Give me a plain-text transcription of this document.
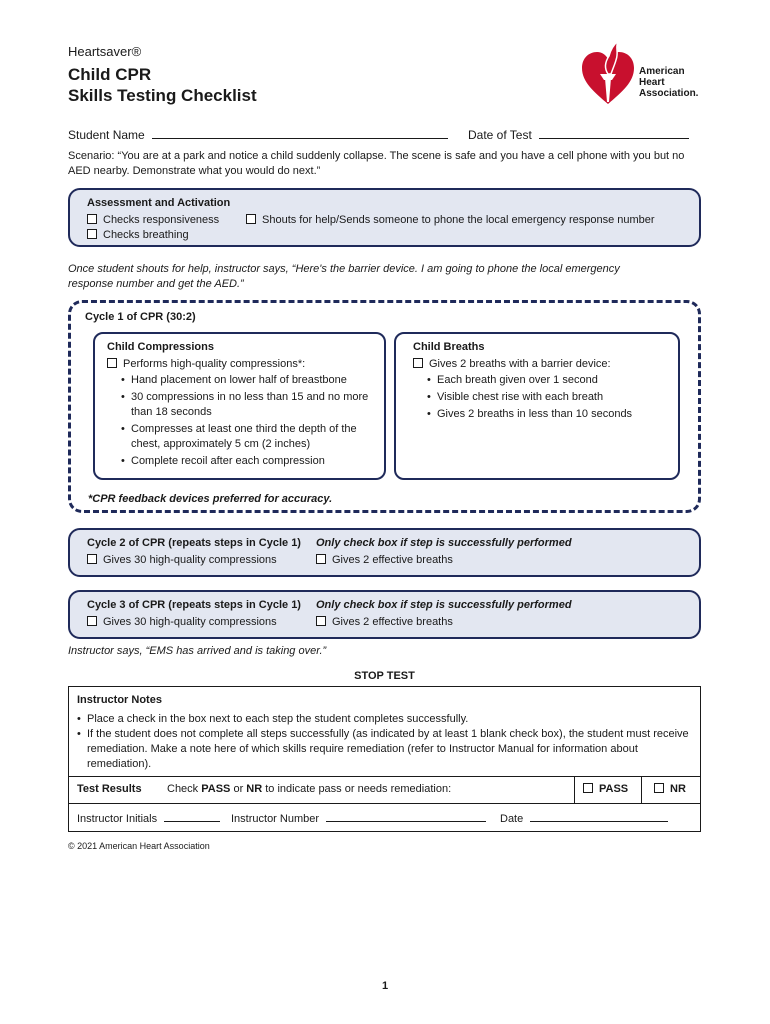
Heartsaver®
Child CPR
Skills Testing Checklist
American
Heart
Association.
Student Name	Date of Test
Scenario: “You are at a park and notice a child suddenly collapse. The scene is safe and you have a cell phone with you but no AED nearby. Demonstrate what you would do next.”
Assessment and Activation
Checks responsiveness	Shouts for help/Sends someone to phone the local emergency response number
Checks breathing
Once student shouts for help, instructor says, “Here's the barrier device. I am going to phone the local emergency response number and get the AED.”
Cycle 1 of CPR (30:2)
Child Compressions
Performs high-quality compressions*:
• Hand placement on lower half of breastbone
• 30 compressions in no less than 15 and no more than 18 seconds
• Compresses at least one third the depth of the chest, approximately 5 cm (2 inches)
• Complete recoil after each compression
Child Breaths
Gives 2 breaths with a barrier device:
• Each breath given over 1 second
• Visible chest rise with each breath
• Gives 2 breaths in less than 10 seconds
*CPR feedback devices preferred for accuracy.
Cycle 2 of CPR (repeats steps in Cycle 1) Only check box if step is successfully performed
Gives 30 high-quality compressions	Gives 2 effective breaths
Cycle 3 of CPR (repeats steps in Cycle 1) Only check box if step is successfully performed
Gives 30 high-quality compressions	Gives 2 effective breaths
Instructor says, “EMS has arrived and is taking over.”
STOP TEST
Instructor Notes
• Place a check in the box next to each step the student completes successfully.
• If the student does not complete all steps successfully (as indicated by at least 1 blank check box), the student must receive remediation. Make a note here of which skills require remediation (refer to Instructor Manual for information about remediation).
Test Results Check PASS or NR to indicate pass or needs remediation:	PASS	NR
Instructor Initials	Instructor Number	Date
© 2021 American Heart Association
1
